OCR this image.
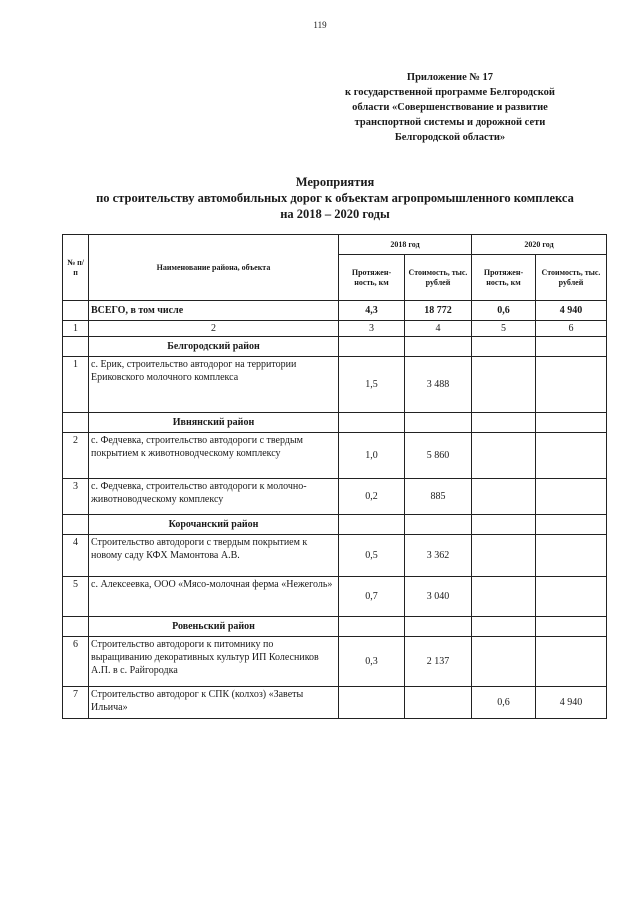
119
Приложение № 17
к государственной программе Белгородской
области «Совершенствование и развитие
транспортной системы и дорожной сети
Белгородской области»
Мероприятия
по строительству автомобильных дорог к объектам агропромышленного комплекса
на 2018 – 2020 годы
№ п/п	Наименование района, объекта	2018 год		2020 год	
		Протяжен-ность, км	Стоимость, тыс. рублей	Протяжен-ность, км	Стоимость, тыс. рублей
	ВСЕГО, в том числе	4,3	18 772	0,6	4 940
1	2	3	4	5	6
	Белгородский район				
1	с. Ерик, строительство автодорог на территории Ериковского молочного комплекса	1,5	3 488		
	Ивнянский район				
2	с. Федчевка, строительство автодороги с твердым покрытием к животноводческому комплексу	1,0	5 860		
3	с. Федчевка, строительство автодороги к молочно-животноводческому комплексу	0,2	885		
	Корочанский район				
4	Строительство автодороги с твердым покрытием к новому саду КФХ Мамонтова А.В.	0,5	3 362		
5	с. Алексеевка, ООО «Мясо-молочная ферма «Нежеголь»	0,7	3 040		
	Ровеньский район				
6	Строительство автодороги к питомнику по выращиванию декоративных культур ИП Колесников А.П. в с. Райгородка	0,3	2 137		
7	Строительство автодорог к СПК (колхоз) «Заветы Ильича»			0,6	4 940
